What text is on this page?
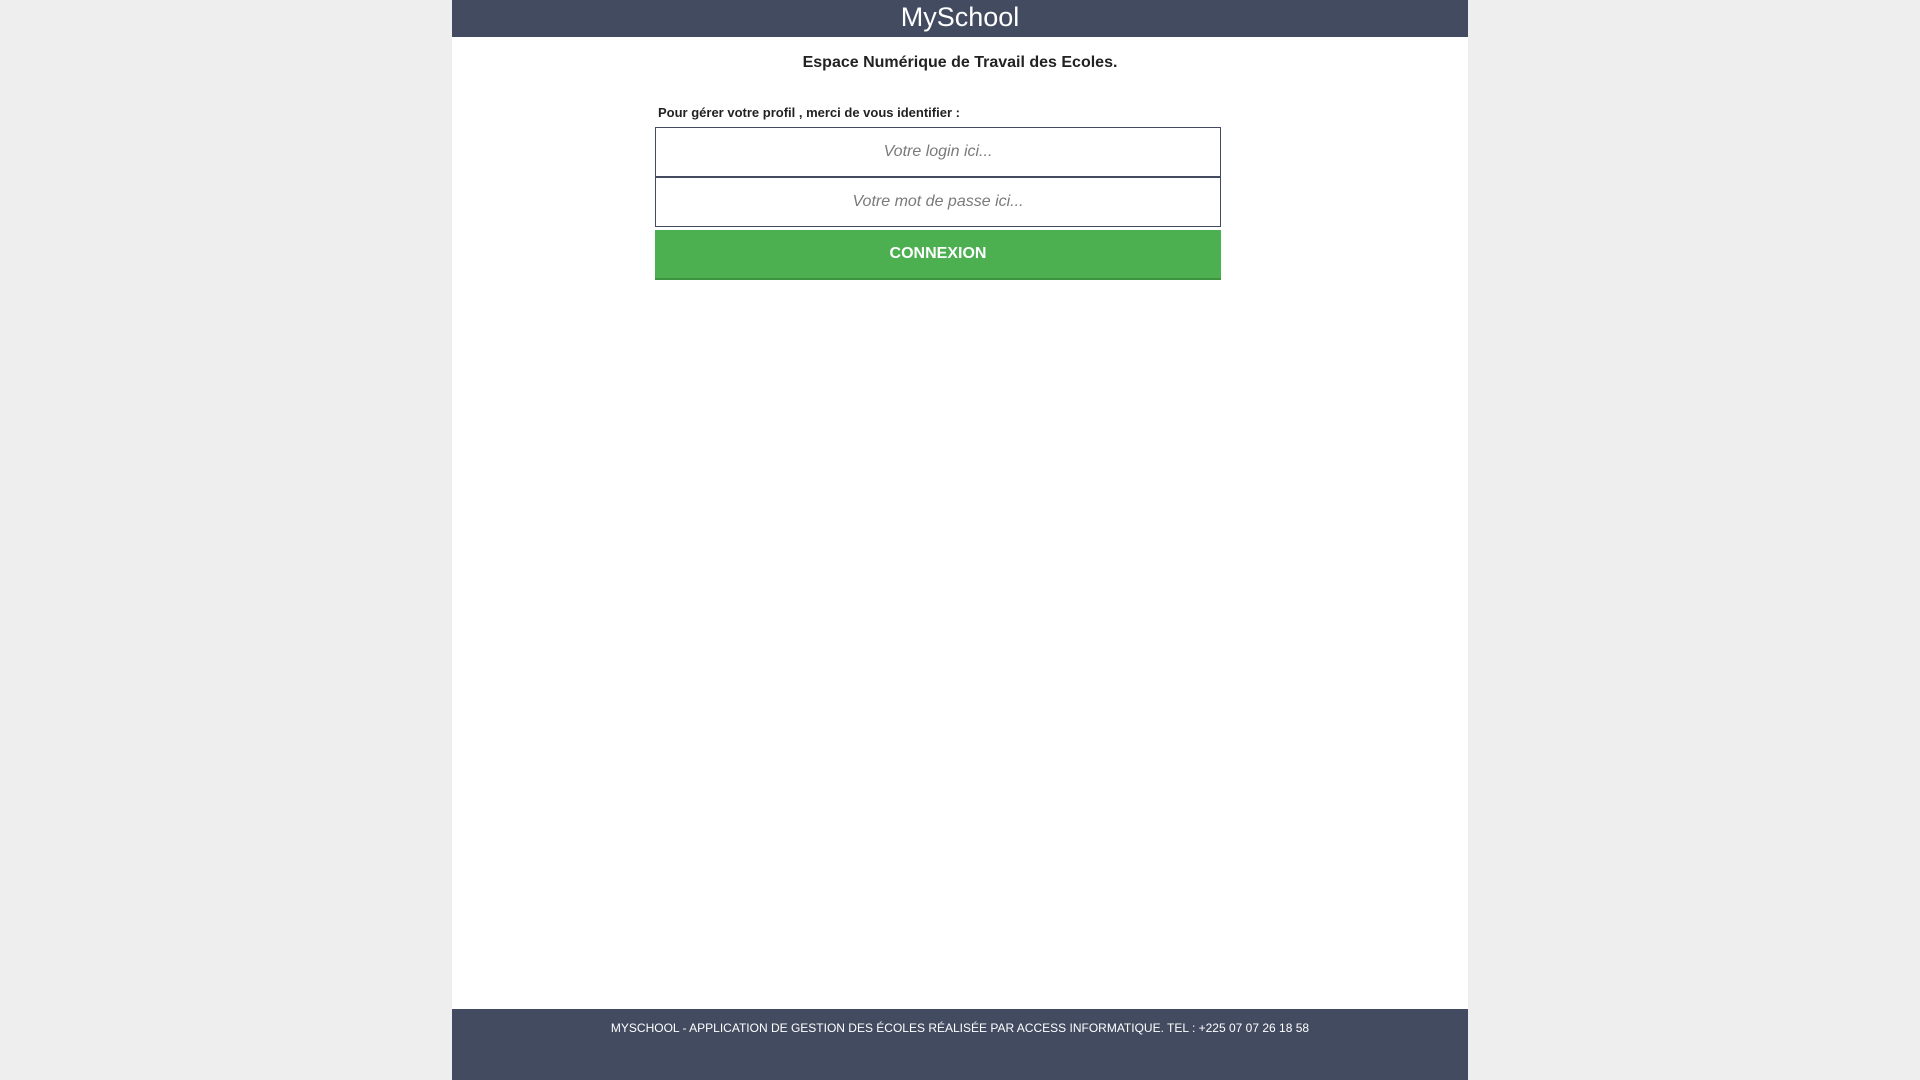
MySchool
Espace Numérique de Travail des Ecoles.
Pour gérer votre profil , merci de vous identifier :
Votre login ici...
CONNEXION
MYSCHOOL - APPLICATION DE GESTION DES ÉCOLES RÉALISÉE PAR ACCESS INFORMATIQUE. TEL : +225 07 07 26 18 58
